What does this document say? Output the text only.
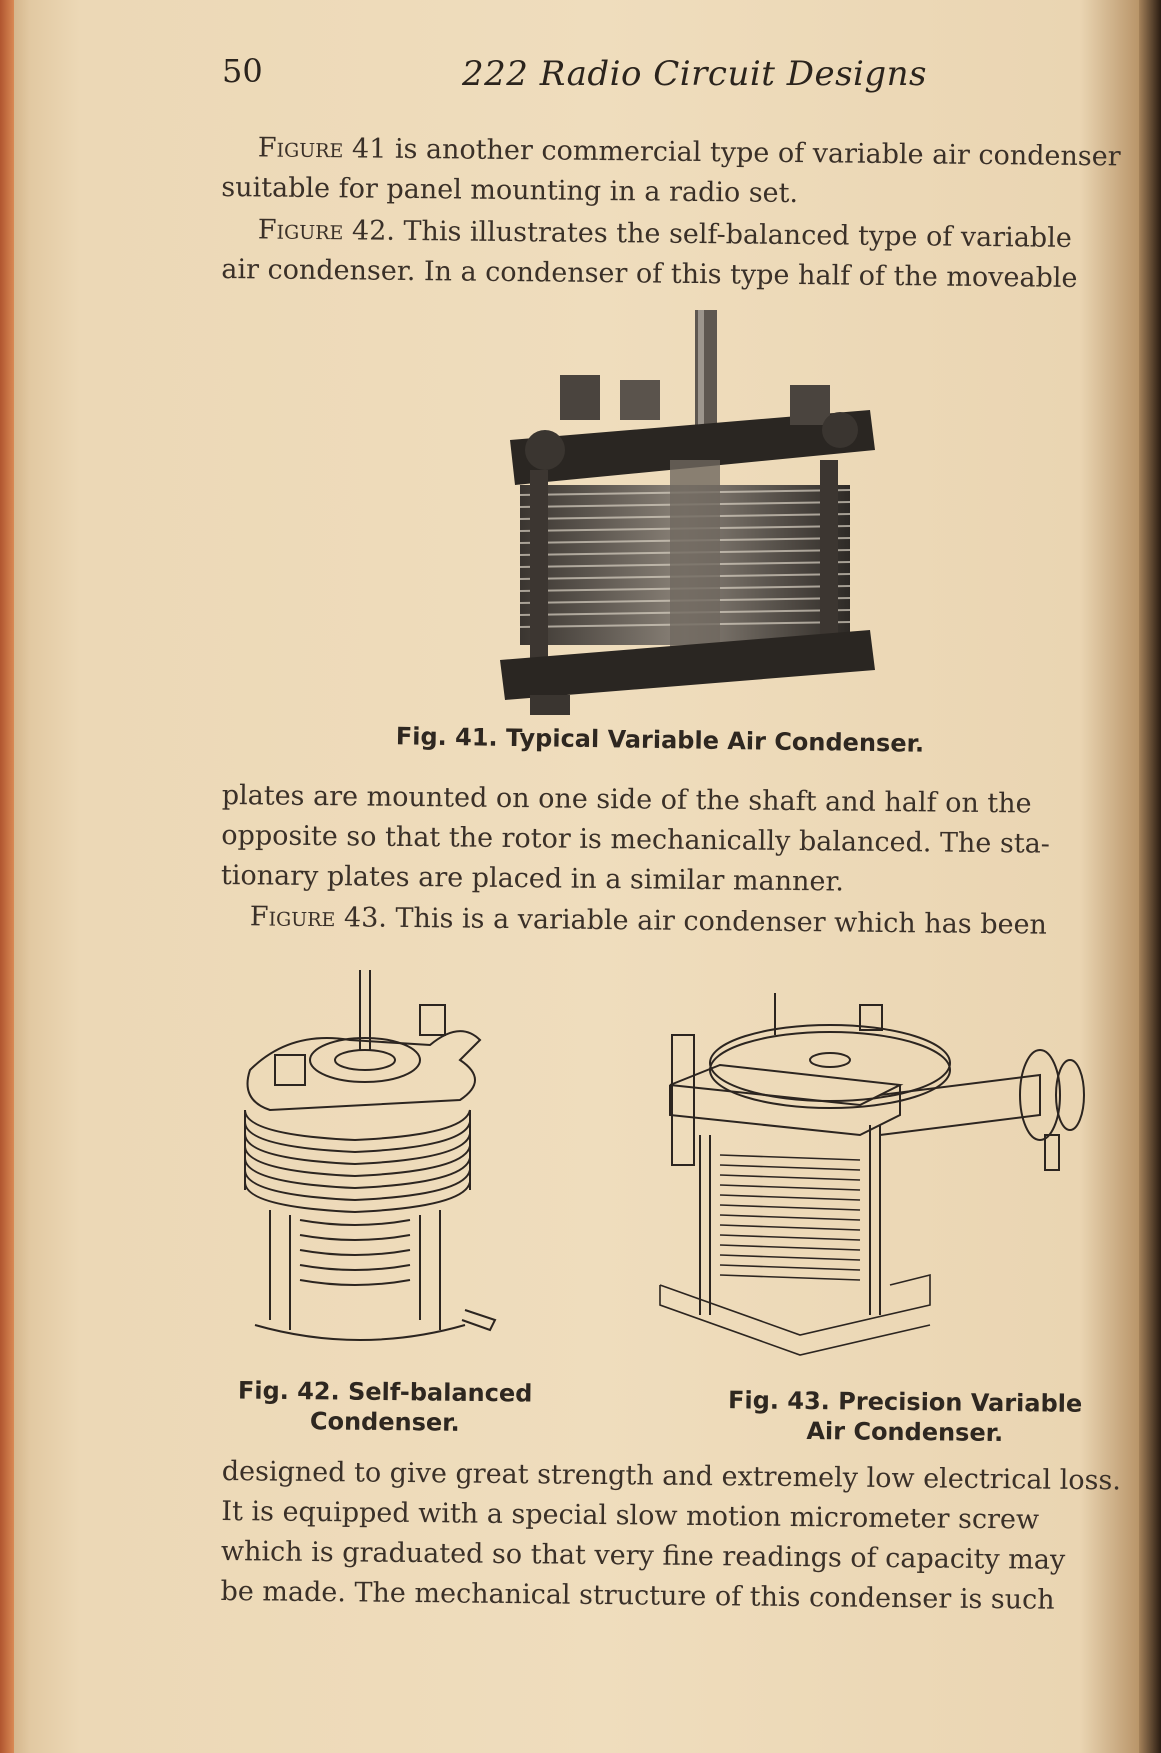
50	222 Radio Circuit Designs
Figure 41 is another commercial type of variable air condenser
suitable for panel mounting in a radio set.
Figure 42. This illustrates the self-balanced type of variable
air condenser. In a condenser of this type half of the moveable
Fig. 41. Typical Variable Air Condenser.
plates are mounted on one side of the shaft and half on the
opposite so that the rotor is mechanically balanced. The sta-
tionary plates are placed in a similar manner.
Figure 43. This is a variable air condenser which has been
Fig. 42. Self-balanced
Condenser.
Fig. 43. Precision Variable
Air Condenser.
designed to give great strength and extremely low electrical loss.
It is equipped with a special slow motion micrometer screw
which is graduated so that very fine readings of capacity may
be made. The mechanical structure of this condenser is such
